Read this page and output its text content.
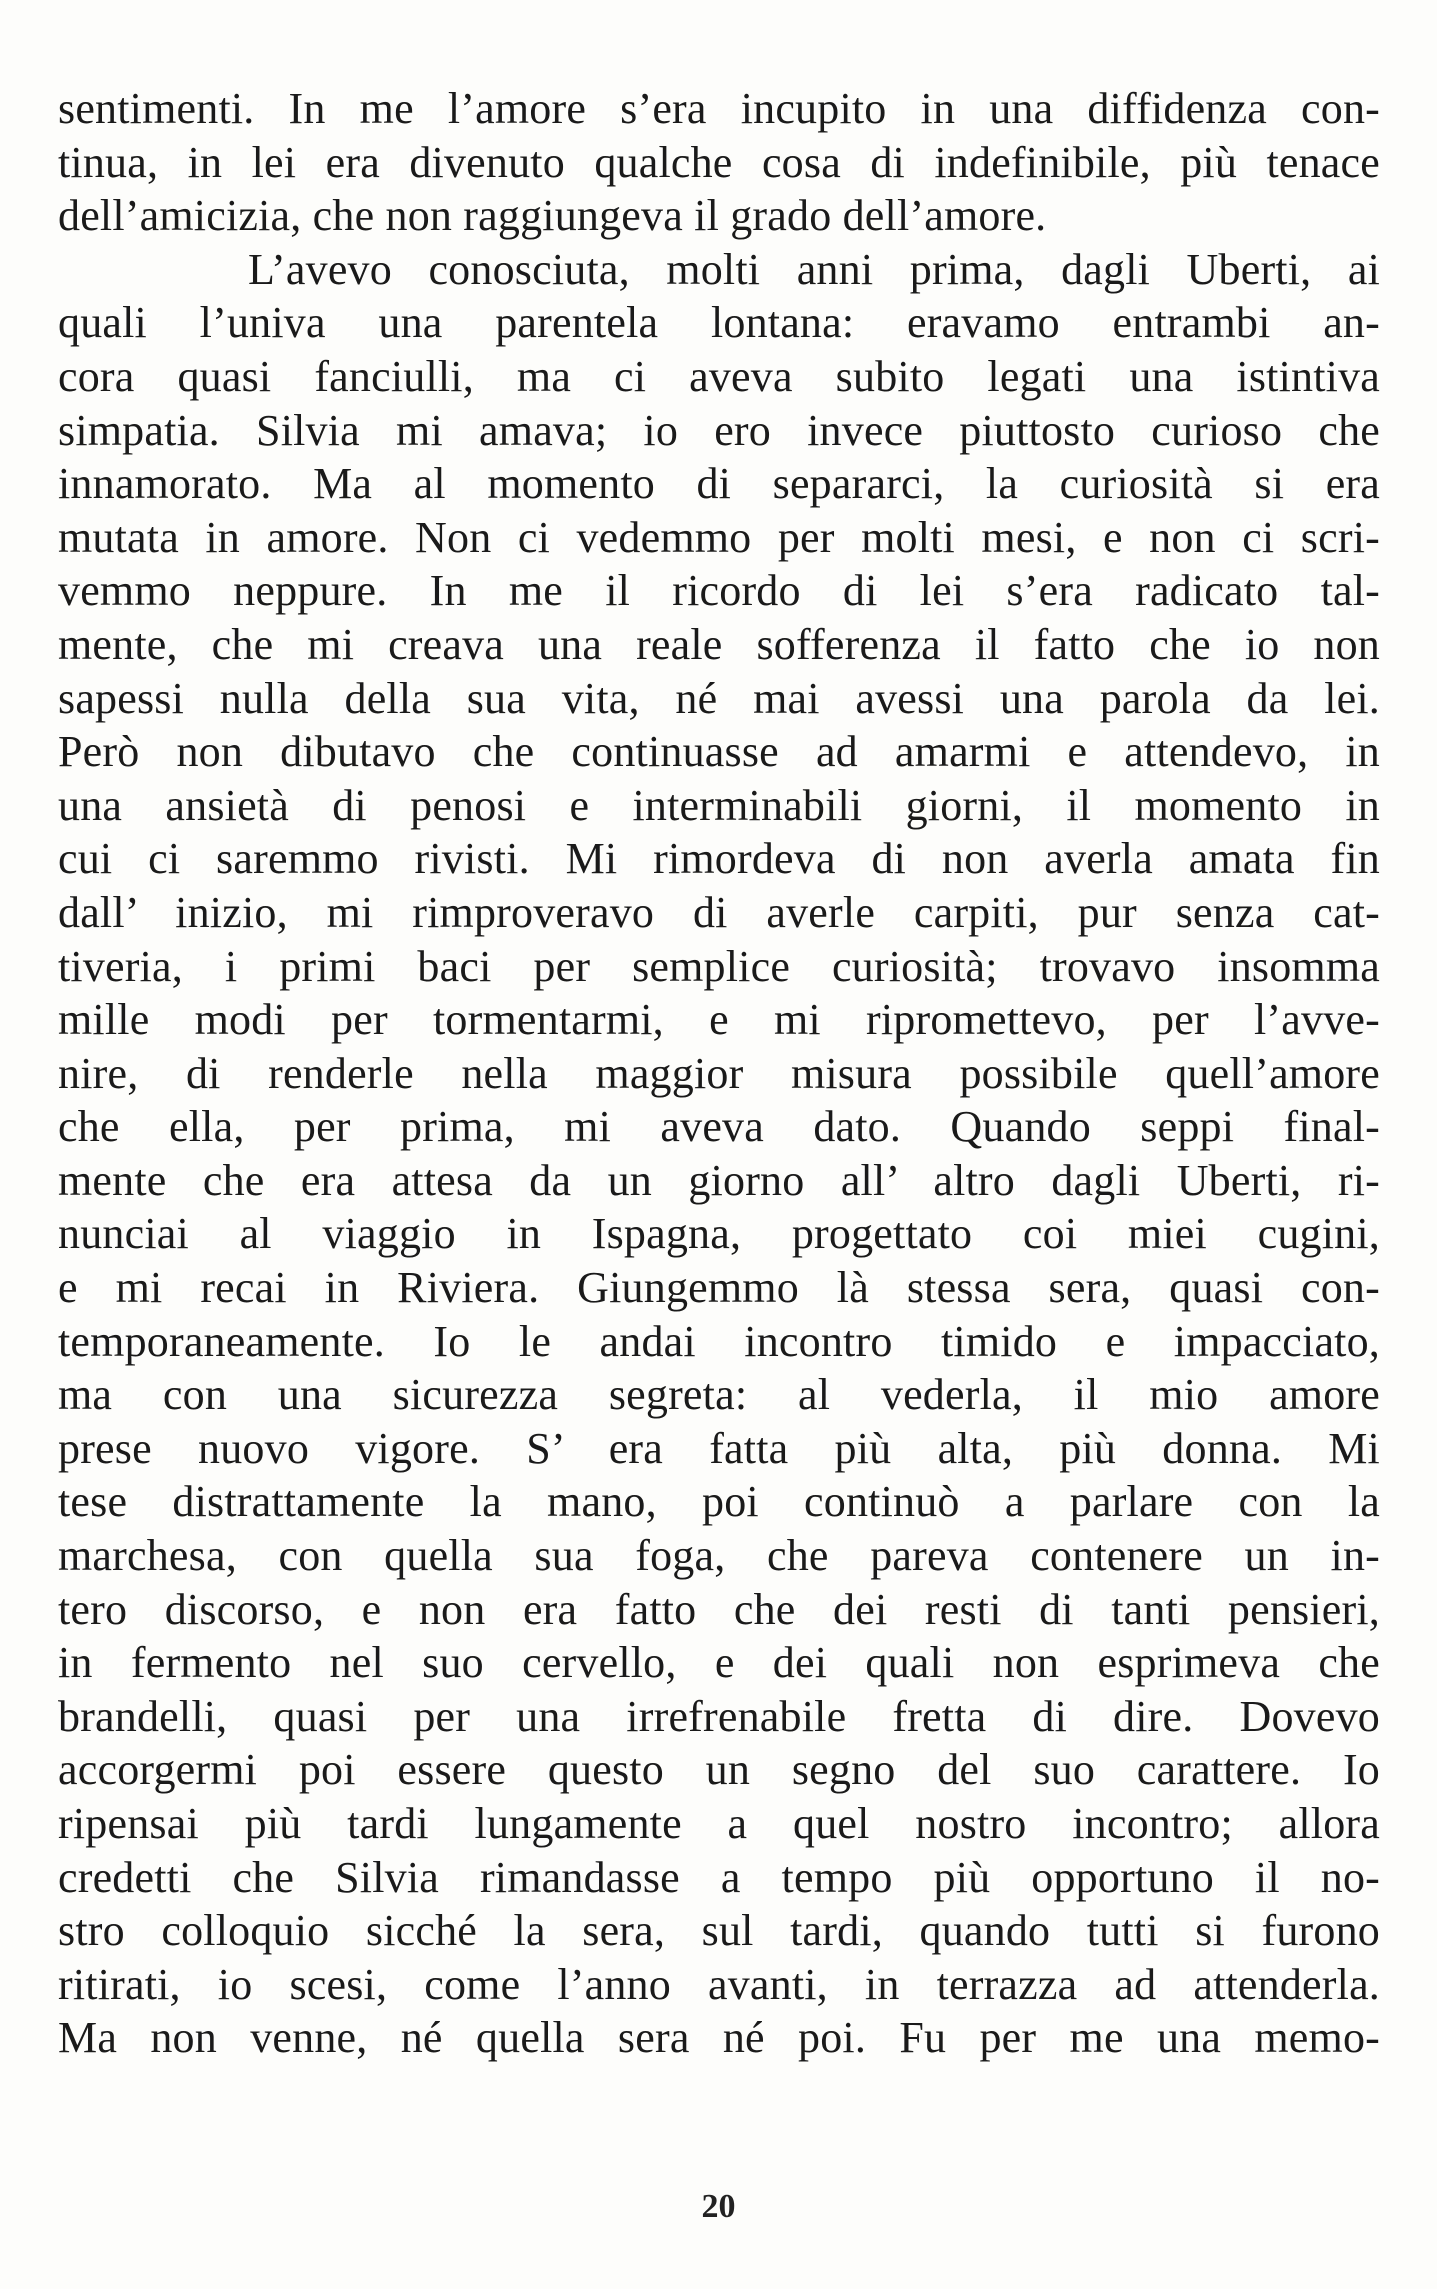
sentimenti. In me l’amore s’era incupito in una diffidenza con-
tinua, in lei era divenuto qualche cosa di indefinibile, più tenace
dell’amicizia, che non raggiungeva il grado dell’amore.
L’avevo conosciuta, molti anni prima, dagli Uberti, ai
quali l’univa una parentela lontana: eravamo entrambi an-
cora quasi fanciulli, ma ci aveva subito legati una istintiva
simpatia. Silvia mi amava; io ero invece piuttosto curioso che
innamorato. Ma al momento di separarci, la curiosità si era
mutata in amore. Non ci vedemmo per molti mesi, e non ci scri-
vemmo neppure. In me il ricordo di lei s’era radicato tal-
mente, che mi creava una reale sofferenza il fatto che io non
sapessi nulla della sua vita, né mai avessi una parola da lei.
Però non dibutavo che continuasse ad amarmi e attendevo, in
una ansietà di penosi e interminabili giorni, il momento in
cui ci saremmo rivisti. Mi rimordeva di non averla amata fin
dall’ inizio, mi rimproveravo di averle carpiti, pur senza cat-
tiveria, i primi baci per semplice curiosità; trovavo insomma
mille modi per tormentarmi, e mi ripromettevo, per l’avve-
nire, di renderle nella maggior misura possibile quell’amore
che ella, per prima, mi aveva dato. Quando seppi final-
mente che era attesa da un giorno all’ altro dagli Uberti, ri-
nunciai al viaggio in Ispagna, progettato coi miei cugini,
e mi recai in Riviera. Giungemmo là stessa sera, quasi con-
temporaneamente. Io le andai incontro timido e impacciato,
ma con una sicurezza segreta: al vederla, il mio amore
prese nuovo vigore. S’ era fatta più alta, più donna. Mi
tese distrattamente la mano, poi continuò a parlare con la
marchesa, con quella sua foga, che pareva contenere un in-
tero discorso, e non era fatto che dei resti di tanti pensieri,
in fermento nel suo cervello, e dei quali non esprimeva che
brandelli, quasi per una irrefrenabile fretta di dire. Dovevo
accorgermi poi essere questo un segno del suo carattere. Io
ripensai più tardi lungamente a quel nostro incontro; allora
credetti che Silvia rimandasse a tempo più opportuno il no-
stro colloquio sicché la sera, sul tardi, quando tutti si furono
ritirati, io scesi, come l’anno avanti, in terrazza ad attenderla.
Ma non venne, né quella sera né poi. Fu per me una memo-
20
